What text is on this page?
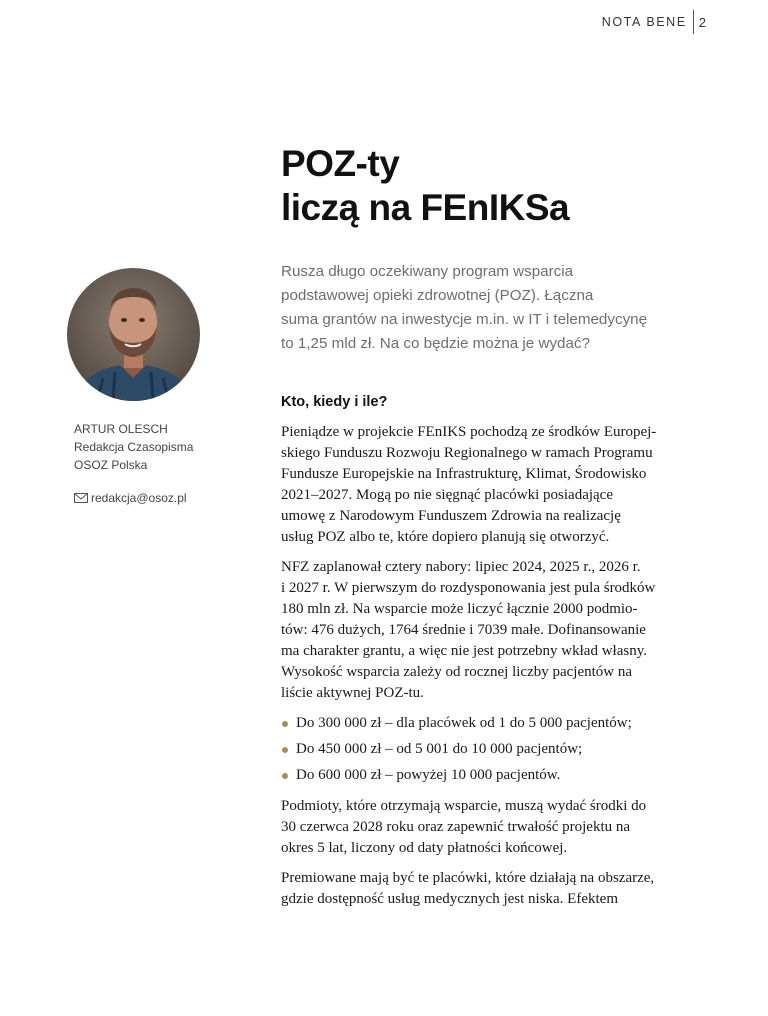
NOTA BENE 2
POZ-ty
liczą na FEnIKSa
Rusza długo oczekiwany program wsparcia
podstawowej opieki zdrowotnej (POZ). Łączna
suma grantów na inwestycje m.in. w IT i telemedycynę
to 1,25 mld zł. Na co będzie można je wydać?
ARTUR OLESCH
Redakcja Czasopisma
OSOZ Polska
redakcja@osoz.pl
Kto, kiedy i ile?

Pieniądze w projekcie FEnIKS pochodzą ze środków Europej-
skiego Funduszu Rozwoju Regionalnego w ramach Programu
Fundusze Europejskie na Infrastrukturę, Klimat, Środowisko
2021–2027. Mogą po nie sięgnąć placówki posiadające
umowę z Narodowym Funduszem Zdrowia na realizację
usług POZ albo te, które dopiero planują się otworzyć.

NFZ zaplanował cztery nabory: lipiec 2024, 2025 r., 2026 r.
i 2027 r. W pierwszym do rozdysponowania jest pula środków
180 mln zł. Na wsparcie może liczyć łącznie 2000 podmio-
tów: 476 dużych, 1764 średnie i 7039 małe. Dofinansowanie
ma charakter grantu, a więc nie jest potrzebny wkład własny.
Wysokość wsparcia zależy od rocznej liczby pacjentów na
liście aktywnej POZ-tu.

Do 300 000 zł – dla placówek od 1 do 5 000 pacjentów;
Do 450 000 zł – od 5 001 do 10 000 pacjentów;
Do 600 000 zł – powyżej 10 000 pacjentów.

Podmioty, które otrzymają wsparcie, muszą wydać środki do
30 czerwca 2028 roku oraz zapewnić trwałość projektu na
okres 5 lat, liczony od daty płatności końcowej.

Premiowane mają być te placówki, które działają na obszarze,
gdzie dostępność usług medycznych jest niska. Efektem
